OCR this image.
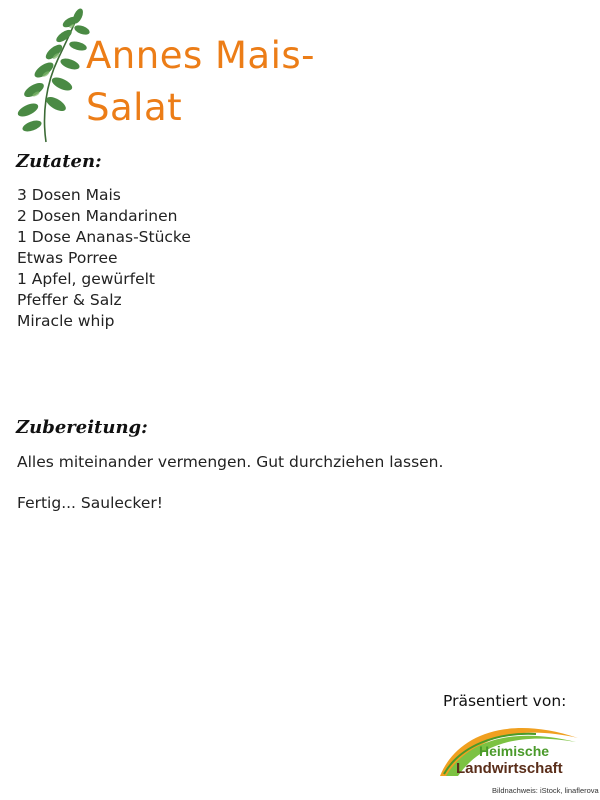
Annes Mais-
Salat
Zutaten:
3 Dosen Mais
2 Dosen Mandarinen
1 Dose Ananas-Stücke
Etwas Porree
1 Apfel, gewürfelt
Pfeffer & Salz
Miracle whip
Zubereitung:
Alles miteinander vermengen. Gut durchziehen lassen.
Fertig... Saulecker!
Präsentiert von:
Heimische
Landwirtschaft
Bildnachweis: iStock, linaflerova
